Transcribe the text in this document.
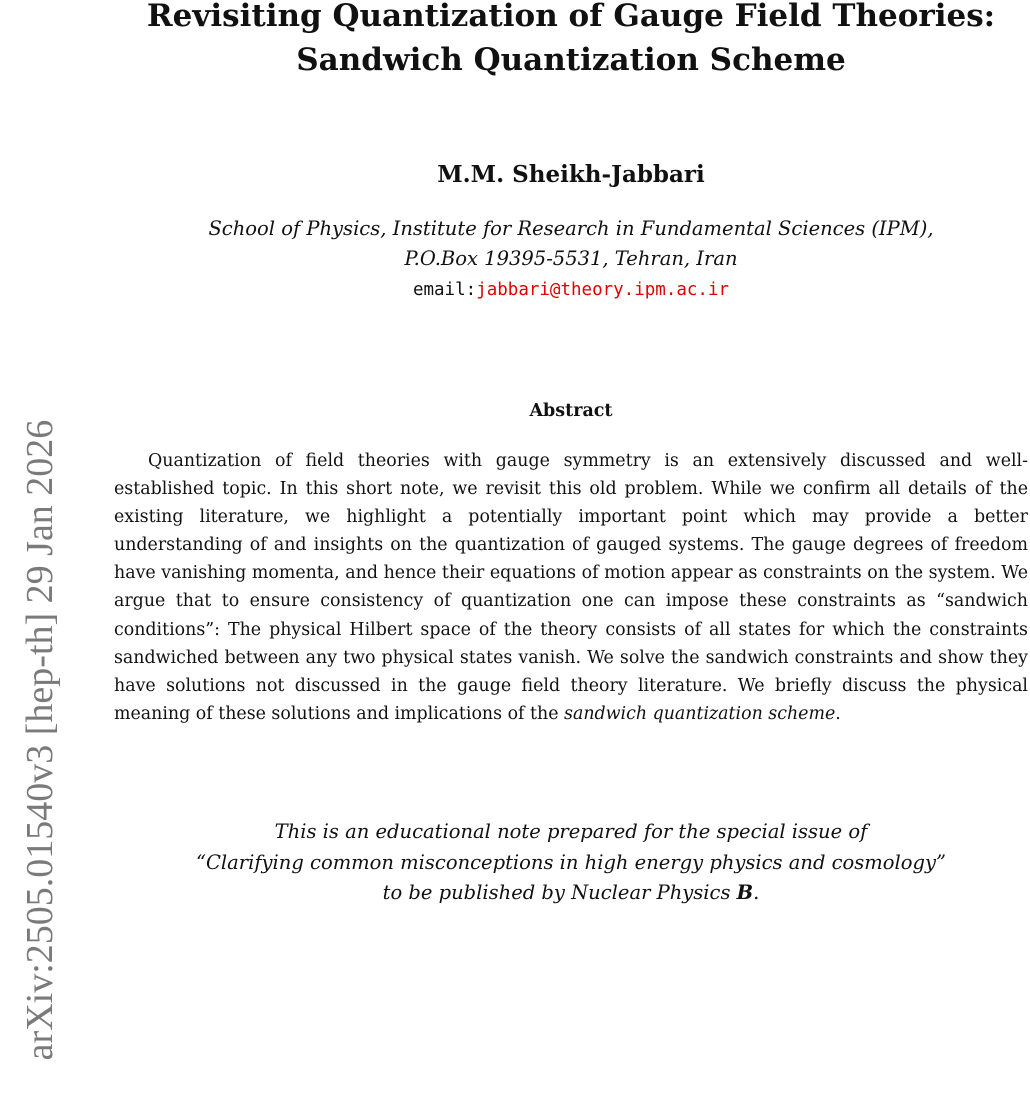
arXiv:2505.01540v3 [hep-th] 29 Jan 2026
Revisiting Quantization of Gauge Field Theories:
Sandwich Quantization Scheme
M.M. Sheikh-Jabbari
School of Physics, Institute for Research in Fundamental Sciences (IPM),
P.O.Box 19395-5531, Tehran, Iran
email:jabbari@theory.ipm.ac.ir
Abstract
Quantization of field theories with gauge symmetry is an extensively discussed and well-established topic. In this short note, we revisit this old problem. While we confirm all details of the existing literature, we highlight a potentially important point which may provide a better understanding of and insights on the quantization of gauged systems. The gauge degrees of freedom have vanishing momenta, and hence their equations of motion appear as constraints on the system. We argue that to ensure consistency of quantization one can impose these constraints as “sandwich conditions”: The physical Hilbert space of the theory consists of all states for which the constraints sandwiched between any two physical states vanish. We solve the sandwich constraints and show they have solutions not discussed in the gauge field theory literature. We briefly discuss the physical meaning of these solutions and implications of the sandwich quantization scheme.
This is an educational note prepared for the special issue of
“Clarifying common misconceptions in high energy physics and cosmology”
to be published by Nuclear Physics B.
